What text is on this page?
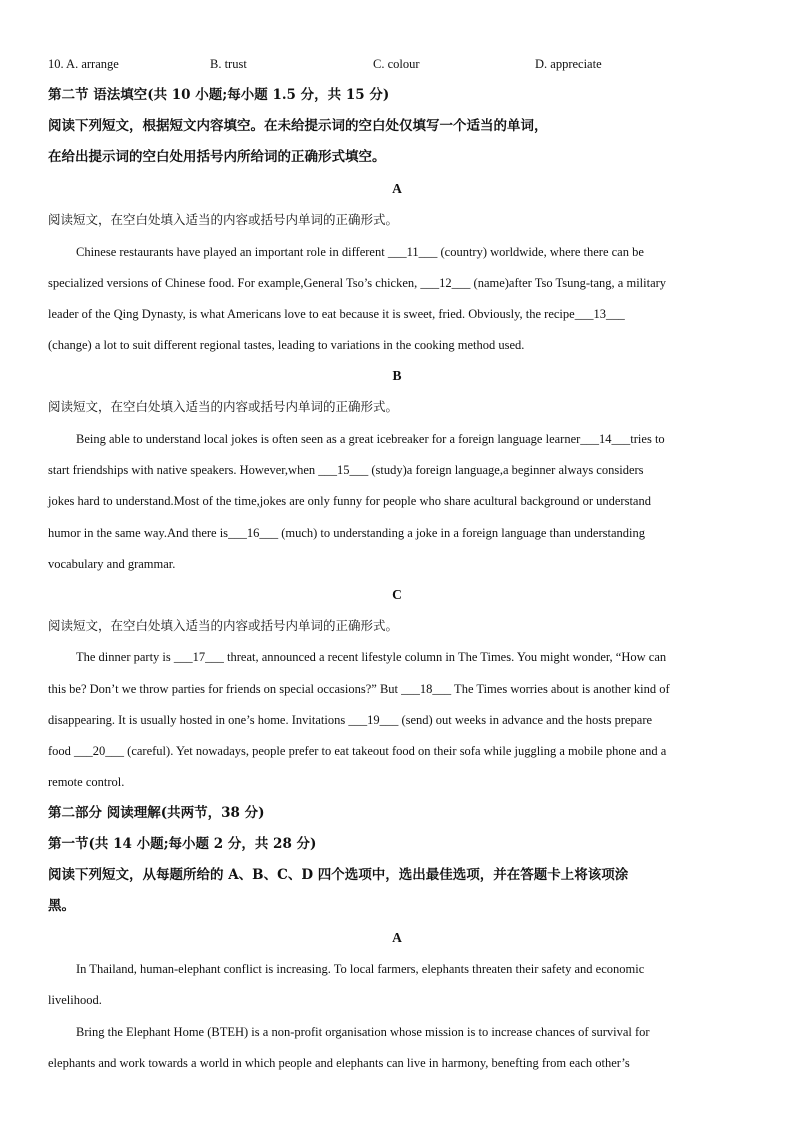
10. A. arrange	B. trust	C. colour	D. appreciate
第二节 语法填空(共 10 小题;每小题 1.5 分，共 15 分)
阅读下列短文，根据短文内容填空。在未给提示词的空白处仅填写一个适当的单词，
在给出提示词的空白处用括号内所给词的正确形式填空。
A
阅读短文，在空白处填入适当的内容或括号内单词的正确形式。
Chinese restaurants have played an important role in different ___11___ (country) worldwide, where there can be
specialized versions of Chinese food. For example,General Tso’s chicken, ___12___ (name)after Tso Tsung-tang, a military
leader of the Qing Dynasty, is what Americans love to eat because it is sweet, fried. Obviously, the recipe___13___
(change) a lot to suit different regional tastes, leading to variations in the cooking method used.
B
阅读短文，在空白处填入适当的内容或括号内单词的正确形式。
Being able to understand local jokes is often seen as a great icebreaker for a foreign language learner___14___tries to
start friendships with native speakers. However,when ___15___ (study)a foreign language,a beginner always considers
jokes hard to understand.Most of the time,jokes are only funny for people who share acultural background or understand
humor in the same way.And there is___16___ (much) to understanding a joke in a foreign language than understanding
vocabulary and grammar.
C
阅读短文，在空白处填入适当的内容或括号内单词的正确形式。
The dinner party is ___17___ threat, announced a recent lifestyle column in The Times. You might wonder, “How can
this be? Don’t we throw parties for friends on special occasions?” But ___18___ The Times worries about is another kind of
disappearing. It is usually hosted in one’s home. Invitations ___19___ (send) out weeks in advance and the hosts prepare
food ___20___ (careful). Yet nowadays, people prefer to eat takeout food on their sofa while juggling a mobile phone and a
remote control.
第二部分 阅读理解(共两节，38 分)
第一节(共 14 小题;每小题 2 分，共 28 分)
阅读下列短文，从每题所给的 A、B、C、D 四个选项中，选出最佳选项，并在答题卡上将该项涂
黑。
A
In Thailand, human-elephant conflict is increasing. To local farmers, elephants threaten their safety and economic
livelihood.
Bring the Elephant Home (BTEH) is a non-profit organisation whose mission is to increase chances of survival for
elephants and work towards a world in which people and elephants can live in harmony, benefting from each other’s
